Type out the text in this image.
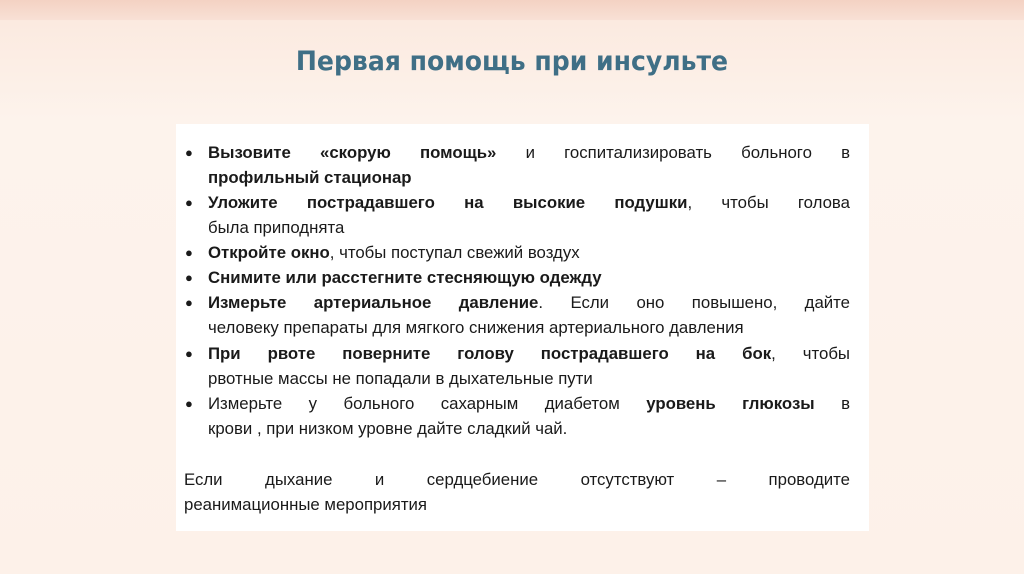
Первая помощь при инсульте
● Вызовите «скорую помощь» и госпитализировать больного в
профильный стационар
● Уложите пострадавшего на высокие подушки, чтобы голова
была приподнята
● Откройте окно, чтобы поступал свежий воздух
● Снимите или расстегните стесняющую одежду
● Измерьте артериальное давление. Если оно повышено, дайте
человеку препараты для мягкого снижения артериального давления
● При рвоте поверните голову пострадавшего на бок, чтобы
рвотные массы не попадали в дыхательные пути
● Измерьте у больного сахарным диабетом уровень глюкозы в
крови , при низком уровне дайте сладкий чай.
Если дыхание и сердцебиение отсутствуют – проводите
реанимационные мероприятия
